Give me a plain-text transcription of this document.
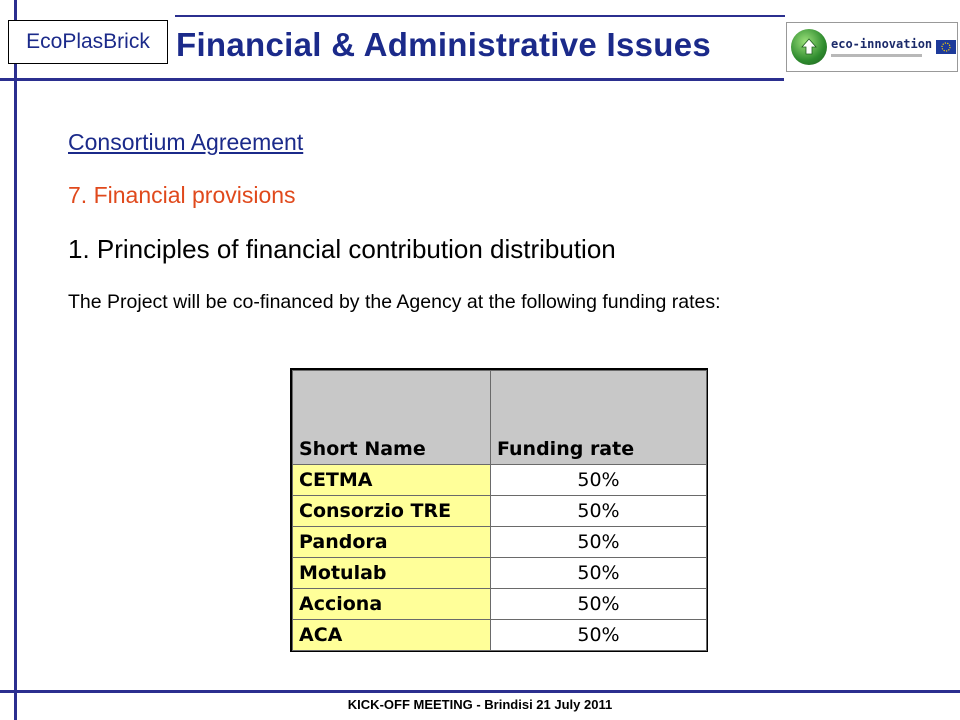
EcoPlasBrick Financial & Administrative Issues	eco-innovation
Consortium Agreement
7. Financial provisions
1. Principles of financial contribution distribution
The Project will be co-financed by the Agency at the following funding rates:
Short Name	Funding rate
CETMA	50%
Consorzio TRE	50%
Pandora	50%
Motulab	50%
Acciona	50%
ACA	50%
KICK-OFF MEETING - Brindisi 21 July 2011
